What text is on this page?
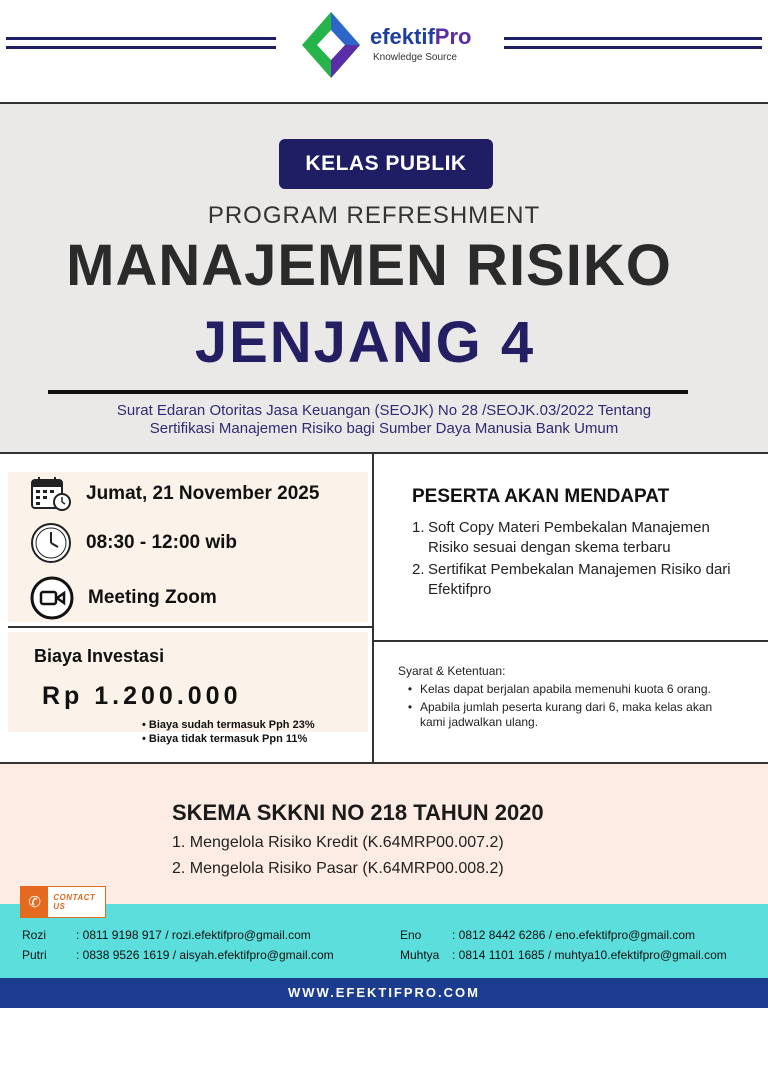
efektifPro
Knowledge Source
KELAS PUBLIK
PROGRAM REFRESHMENT
MANAJEMEN RISIKO
JENJANG 4
Surat Edaran Otoritas Jasa Keuangan (SEOJK) No 28 /SEOJK.03/2022 Tentang
Sertifikasi Manajemen Risiko bagi Sumber Daya Manusia Bank Umum
Jumat, 21 November 2025
08:30 - 12:00 wib
Meeting Zoom
Biaya Investasi
Rp 1.200.000
• Biaya sudah termasuk Pph 23%
• Biaya tidak termasuk Ppn 11%
PESERTA AKAN MENDAPAT
1. Soft Copy Materi Pembekalan Manajemen Risiko sesuai dengan skema terbaru
2. Sertifikat Pembekalan Manajemen Risiko dari Efektifpro
Syarat & Ketentuan:
• Kelas dapat berjalan apabila memenuhi kuota 6 orang.
• Apabila jumlah peserta kurang dari 6, maka kelas akan kami jadwalkan ulang.
SKEMA SKKNI NO 218 TAHUN 2020
1. Mengelola Risiko Kredit (K.64MRP00.007.2)
2. Mengelola Risiko Pasar (K.64MRP00.008.2)
✆	CONTACT US
Rozi : 0811 9198 917 / rozi.efektifpro@gmail.com
Putri : 0838 9526 1619 / aisyah.efektifpro@gmail.com
Eno	: 0812 8442 6286 / eno.efektifpro@gmail.com
Muhtya : 0814 1101 1685 / muhtya10.efektifpro@gmail.com
WWW.EFEKTIFPRO.COM
